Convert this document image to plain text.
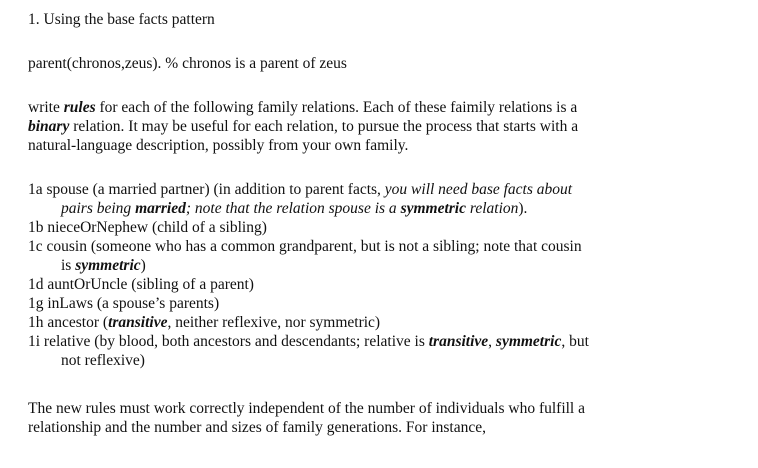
1. Using the base facts pattern
parent(chronos,zeus). % chronos is a parent of zeus
write rules for each of the following family relations. Each of these faimily relations is a
binary relation. It may be useful for each relation, to pursue the process that starts with a
natural-language description, possibly from your own family.
1a spouse (a married partner) (in addition to parent facts, you will need base facts about
pairs being married; note that the relation spouse is a symmetric relation).
1b nieceOrNephew (child of a sibling)
1c cousin (someone who has a common grandparent, but is not a sibling; note that cousin
is symmetric)
1d auntOrUncle (sibling of a parent)
1g inLaws (a spouse’s parents)
1h ancestor (transitive, neither reflexive, nor symmetric)
1i relative (by blood, both ancestors and descendants; relative is transitive, symmetric, but
not reflexive)
The new rules must work correctly independent of the number of individuals who fulfill a
relationship and the number and sizes of family generations. For instance,
